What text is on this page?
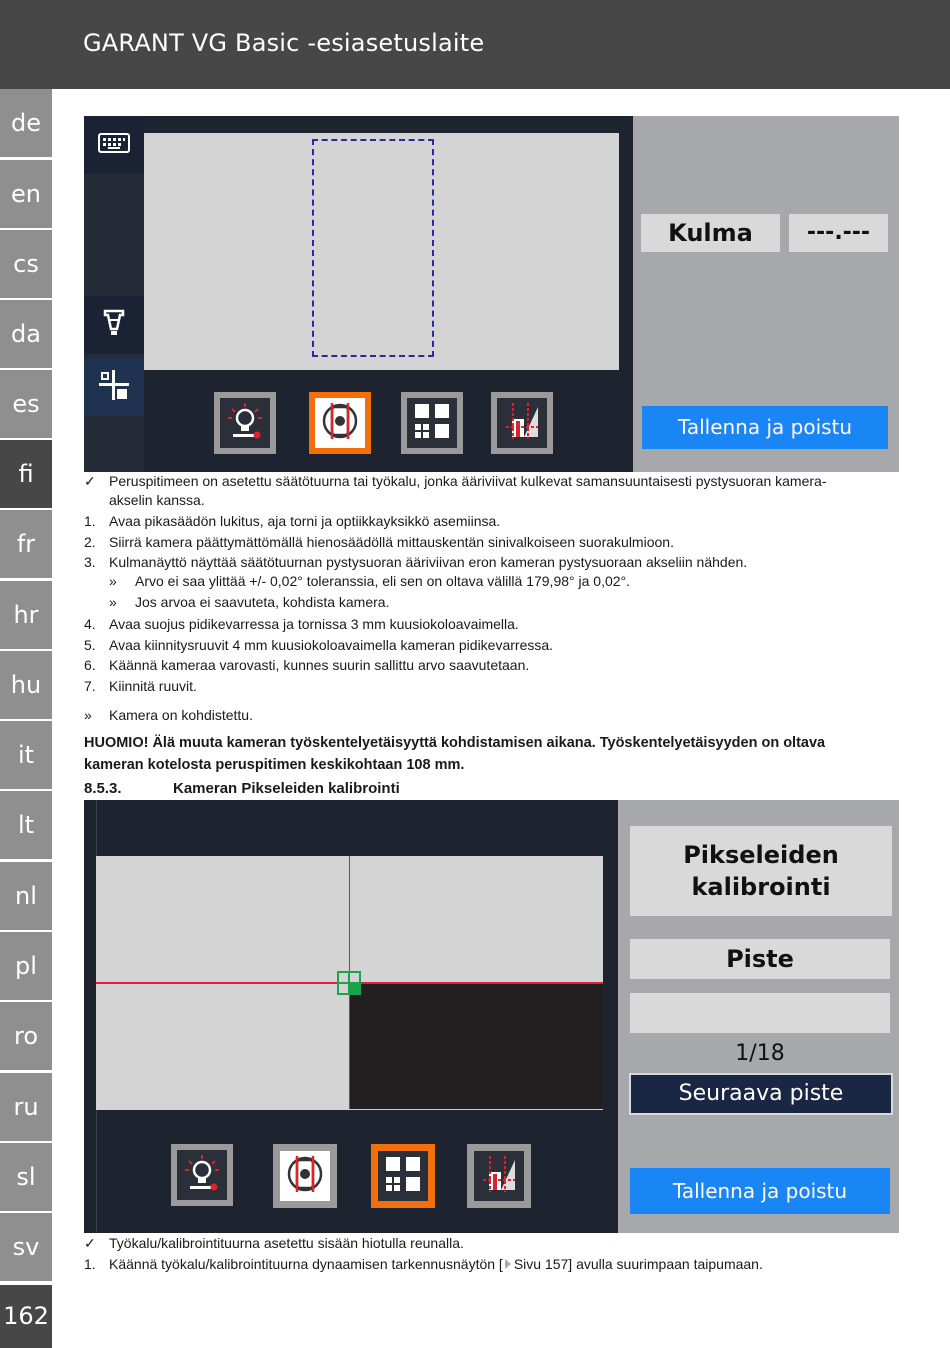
GARANT VG Basic -esiasetuslaite
de
en
cs
da
es
fi
fr
hr
hu
it
lt
nl
pl
ro
ru
sl
sv
162
Kulma	---.---
Tallenna ja poistu
✓ Peruspitimeen on asetettu säätötuurna tai työkalu, jonka ääriviivat kulkevat samansuuntaisesti pystysuoran kamera-
akselin kanssa.
1. Avaa pikasäädön lukitus, aja torni ja optiikkayksikkö asemiinsa.
2. Siirrä kamera päättymättömällä hienosäädöllä mittauskentän sinivalkoiseen suorakulmioon.
3. Kulmanäyttö näyttää säätötuurnan pystysuoran ääriviivan eron kameran pystysuoraan akseliin nähden.
» Arvo ei saa ylittää +/- 0,02° toleranssia, eli sen on oltava välillä 179,98° ja 0,02°.
» Jos arvoa ei saavuteta, kohdista kamera.
4. Avaa suojus pidikevarressa ja tornissa 3 mm kuusiokoloavaimella.
5. Avaa kiinnitysruuvit 4 mm kuusiokoloavaimella kameran pidikevarressa.
6. Käännä kameraa varovasti, kunnes suurin sallittu arvo saavutetaan.
7. Kiinnitä ruuvit.
» Kamera on kohdistettu.
HUOMIO! Älä muuta kameran työskentelyetäisyyttä kohdistamisen aikana. Työskentelyetäisyyden on oltava
kameran kotelosta peruspitimen keskikohtaan 108 mm.
8.5.3.	Kameran Pikseleiden kalibrointi
Pikseleiden
kalibrointi
Piste
1/18
Seuraava piste
Tallenna ja poistu
✓ Työkalu/kalibrointituurna asetettu sisään hiotulla reunalla.
1. Käännä työkalu/kalibrointituurna dynaamisen tarkennusnäytön [ Sivu 157] avulla suurimpaan taipumaan.
